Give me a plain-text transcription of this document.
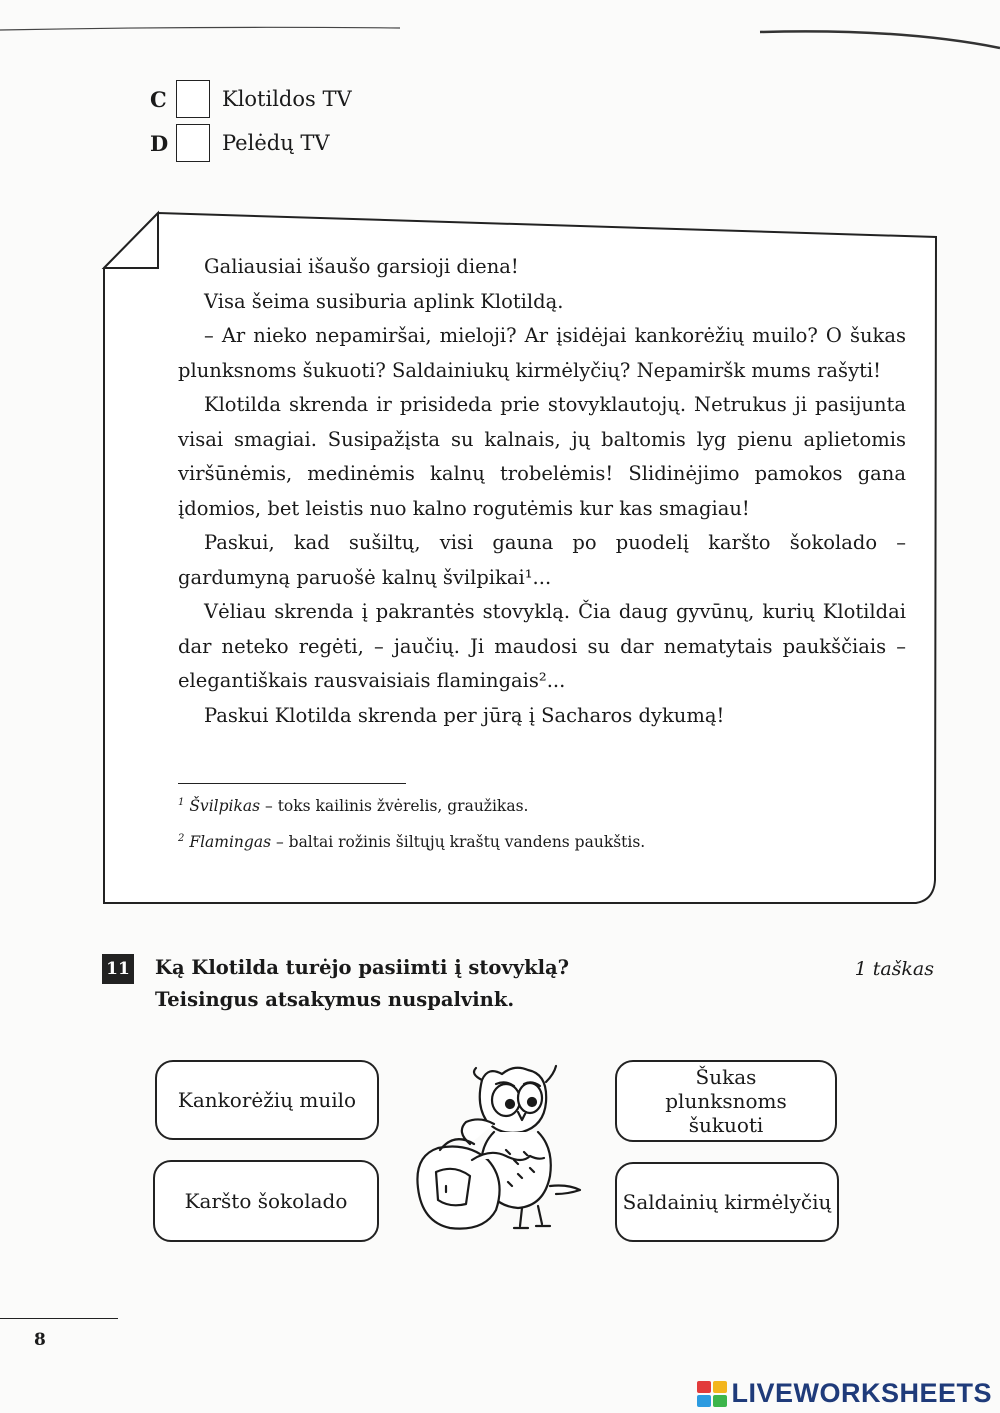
C	Klotildos TV
D	Pelėdų TV

Galiausiai išaušo garsioji diena!

Visa šeima susiburia aplink Klotildą.

– Ar nieko nepamiršai, mieloji? Ar įsidėjai kankorėžių muilo? O šukas plunksnoms šukuoti? Saldainiukų kirmėlyčių? Nepamiršk mums rašyti!

Klotilda skrenda ir prisideda prie stovyklautojų. Netrukus ji pasijunta visai smagiai. Susipažįsta su kalnais, jų baltomis lyg pienu aplietomis viršūnėmis, medinėmis kalnų trobelėmis! Slidinėjimo pamokos gana įdomios, bet leistis nuo kalno rogutėmis kur kas smagiau!

Paskui, kad sušiltų, visi gauna po puodelį karšto šokolado – gardumyną paruošė kalnų švilpikai¹...

Vėliau skrenda į pakrantės stovyklą. Čia daug gyvūnų, kurių Klotildai dar neteko regėti, – jaučių. Ji maudosi su dar nematytais paukščiais – elegantiškais rausvaisiais flamingais²...

Paskui Klotilda skrenda per jūrą į Sacharos dykumą!

$^1$ Švilpikas – toks kailinis žvėrelis, graužikas.
$^2$ Flamingas – baltai rožinis šiltųjų kraštų vandens paukštis.
11 Ką Klotilda turėjo pasiimti į stovyklą?
Teisingus atsakymus nuspalvink.
1 taškas
Kankorėžių muilo
Šukas plunksnoms šukuoti
Karšto šokolado	Saldainių kirmėlyčių
8
LIVEWORKSHEETS
